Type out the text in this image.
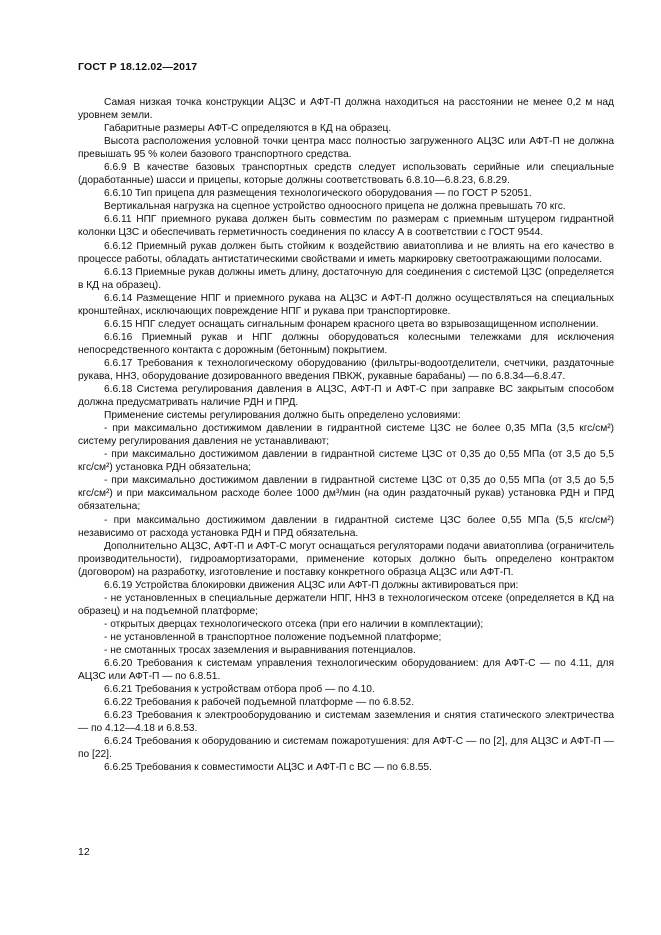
ГОСТ Р 18.12.02—2017

Самая низкая точка конструкции АЦЗС и АФТ-П должна находиться на расстоянии не менее 0,2 м над уровнем земли.

Габаритные размеры АФТ-С определяются в КД на образец.

Высота расположения условной точки центра масс полностью загруженного АЦЗС или АФТ-П не должна превышать 95 % колеи базового транспортного средства.

6.6.9 В качестве базовых транспортных средств следует использовать серийные или специальные (доработанные) шасси и прицепы, которые должны соответствовать 6.8.10—6.8.23, 6.8.29.

6.6.10 Тип прицепа для размещения технологического оборудования — по ГОСТ Р 52051.

Вертикальная нагрузка на сцепное устройство одноосного прицепа не должна превышать 70 кгс.

6.6.11 НПГ приемного рукава должен быть совместим по размерам с приемным штуцером гидрантной колонки ЦЗС и обеспечивать герметичность соединения по классу А в соответствии с ГОСТ 9544.

6.6.12 Приемный рукав должен быть стойким к воздействию авиатоплива и не влиять на его качество в процессе работы, обладать антистатическими свойствами и иметь маркировку светоотражающими полосами.

6.6.13 Приемные рукав должны иметь длину, достаточную для соединения с системой ЦЗС (определяется в КД на образец).

6.6.14 Размещение НПГ и приемного рукава на АЦЗС и АФТ-П должно осуществляться на специальных кронштейнах, исключающих повреждение НПГ и рукава при транспортировке.

6.6.15 НПГ следует оснащать сигнальным фонарем красного цвета во взрывозащищенном исполнении.

6.6.16 Приемный рукав и НПГ должны оборудоваться колесными тележками для исключения непосредственного контакта с дорожным (бетонным) покрытием.

6.6.17 Требования к технологическому оборудованию (фильтры-водоотделители, счетчики, раздаточные рукава, ННЗ, оборудование дозированного введения ПВКЖ, рукавные барабаны) — по 6.8.34—6.8.47.

6.6.18 Система регулирования давления в АЦЗС, АФТ-П и АФТ-С при заправке ВС закрытым способом должна предусматривать наличие РДН и ПРД.

Применение системы регулирования должно быть определено условиями:

- при максимально достижимом давлении в гидрантной системе ЦЗС не более 0,35 МПа (3,5 кгс/см²) систему регулирования давления не устанавливают;

- при максимально достижимом давлении в гидрантной системе ЦЗС от 0,35 до 0,55 МПа (от 3,5 до 5,5 кгс/см²) установка РДН обязательна;

- при максимально достижимом давлении в гидрантной системе ЦЗС от 0,35 до 0,55 МПа (от 3,5 до 5,5 кгс/см²) и при максимальном расходе более 1000 дм³/мин (на один раздаточный рукав) установка РДН и ПРД обязательна;

- при максимально достижимом давлении в гидрантной системе ЦЗС более 0,55 МПа (5,5 кгс/см²) независимо от расхода установка РДН и ПРД обязательна.

Дополнительно АЦЗС, АФТ-П и АФТ-С могут оснащаться регуляторами подачи авиатоплива (ограничитель производительности), гидроамортизаторами, применение которых должно быть определено контрактом (договором) на разработку, изготовление и поставку конкретного образца АЦЗС или АФТ-П.

6.6.19 Устройства блокировки движения АЦЗС или АФТ-П должны активироваться при:

- не установленных в специальные держатели НПГ, ННЗ в технологическом отсеке (определяется в КД на образец) и на подъемной платформе;

- открытых дверцах технологического отсека (при его наличии в комплектации);

- не установленной в транспортное положение подъемной платформе;

- не смотанных тросах заземления и выравнивания потенциалов.

6.6.20 Требования к системам управления технологическим оборудованием: для АФТ-С — по 4.11, для АЦЗС или АФТ-П — по 6.8.51.

6.6.21 Требования к устройствам отбора проб — по 4.10.

6.6.22 Требования к рабочей подъемной платформе — по 6.8.52.

6.6.23 Требования к электрооборудованию и системам заземления и снятия статического электричества — по 4.12—4.18 и 6.8.53.

6.6.24 Требования к оборудованию и системам пожаротушения: для АФТ-С — по [2], для АЦЗС и АФТ-П — по [22].

6.6.25 Требования к совместимости АЦЗС и АФТ-П с ВС — по 6.8.55.

12
